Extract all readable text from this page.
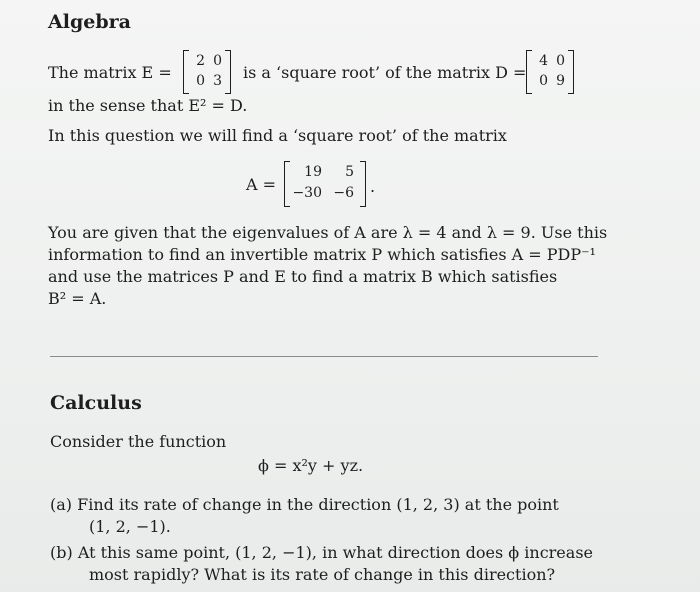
Algebra
The matrix E =
2 0
0 3 is a ‘square root’ of the matrix D =
4 0
0 9
in the sense that E² = D.
In this question we will find a ‘square root’ of the matrix
A =
19	5
−30 −6 .
You are given that the eigenvalues of A are λ = 4 and λ = 9. Use this
information to find an invertible matrix P which satisfies A = PDP⁻¹
and use the matrices P and E to find a matrix B which satisfies
B² = A.
Calculus
Consider the function
ϕ = x²y + yz.
(a) Find its rate of change in the direction (1, 2, 3) at the point
(1, 2, −1).
(b) At this same point, (1, 2, −1), in what direction does ϕ increase
most rapidly? What is its rate of change in this direction?
